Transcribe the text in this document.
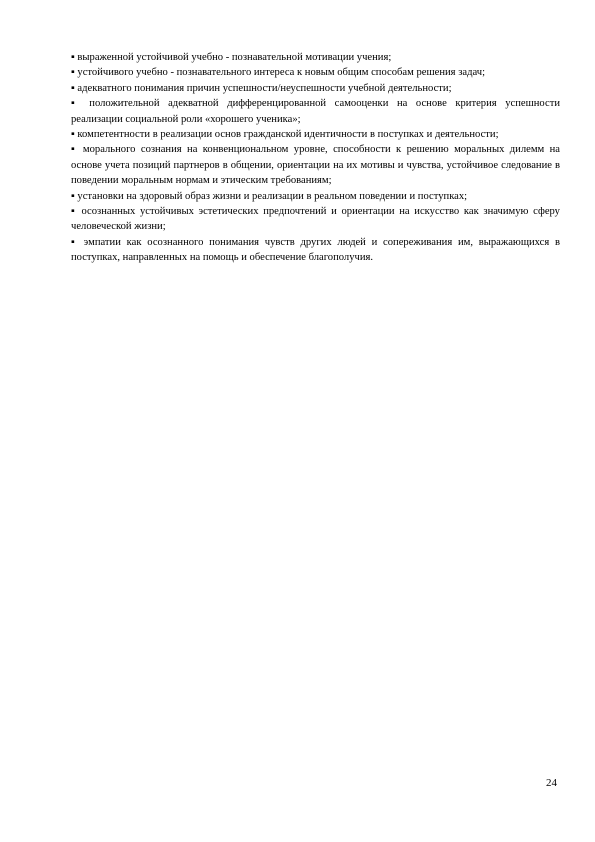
▪ выраженной устойчивой учебно - познавательной мотивации учения;

▪ устойчивого учебно - познавательного интереса к новым общим способам решения задач;

▪ адекватного понимания причин успешности/неуспешности учебной деятельности;

▪ положительной адекватной дифференцированной самооценки на основе критерия успешности реализации социальной роли «хорошего ученика»;

▪ компетентности в реализации основ гражданской идентичности в поступках и деятельности;

▪ морального сознания на конвенциональном уровне, способности к решению моральных дилемм на основе учета позиций партнеров в общении, ориентации на их мотивы и чувства, устойчивое следование в поведении моральным нормам и этическим требованиям;

▪ установки на здоровый образ жизни и реализации в реальном поведении и поступках;

▪ осознанных устойчивых эстетических предпочтений и ориентации на искусство как значимую сферу человеческой жизни;

▪ эмпатии как осознанного понимания чувств других людей и сопереживания им, выражающихся в поступках, направленных на помощь и обеспечение благополучия.

24
